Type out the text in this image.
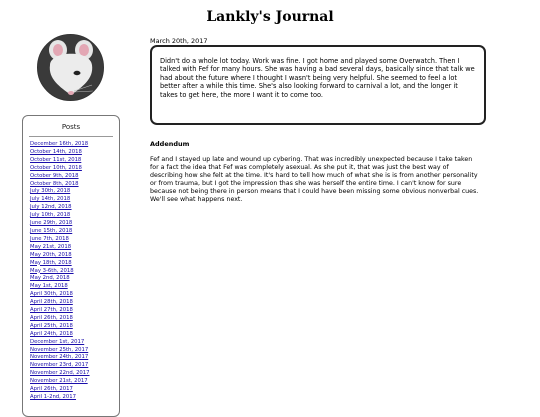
Lankly's Journal
Posts
December 16th, 2018
October 14th, 2018
October 11st, 2018
October 10th, 2018
October 9th, 2018
October 8th, 2018
July 30th, 2018
July 14th, 2018
July 12nd, 2018
July 10th, 2018
June 29th, 2018
June 15th, 2018
June 7th, 2018
May 21st, 2018
May 20th, 2018
May 18th, 2018
May 3-6th, 2018
May 2nd, 2018
May 1st, 2018
April 30th, 2018
April 28th, 2018
April 27th, 2018
April 26th, 2018
April 25th, 2018
April 24th, 2018
December 1st, 2017
November 25th, 2017
November 24th, 2017
November 23rd, 2017
November 22nd, 2017
November 21st, 2017
April 26th, 2017
April 1-2nd, 2017
March 20th, 2017
Didn't do a whole lot today. Work was fine. I got home and played some Overwatch. Then I talked with Fef for many hours. She was having a bad several days, basically since that talk we had about the future where I thought I wasn't being very helpful. She seemed to feel a lot better after a while this time. She's also looking forward to carnival a lot, and the longer it takes to get here, the more I want it to come too.
Addendum
Fef and I stayed up late and wound up cybering. That was incredibly unexpected because I take taken for a fact the idea that Fef was completely asexual. As she put it, that was just the best way of describing how she felt at the time. It's hard to tell how much of what she is is from another personality or from trauma, but I got the impression thas she was herself the entire time. I can't know for sure because not being there in person means that I could have been missing some obvious nonverbal cues. We'll see what happens next.
